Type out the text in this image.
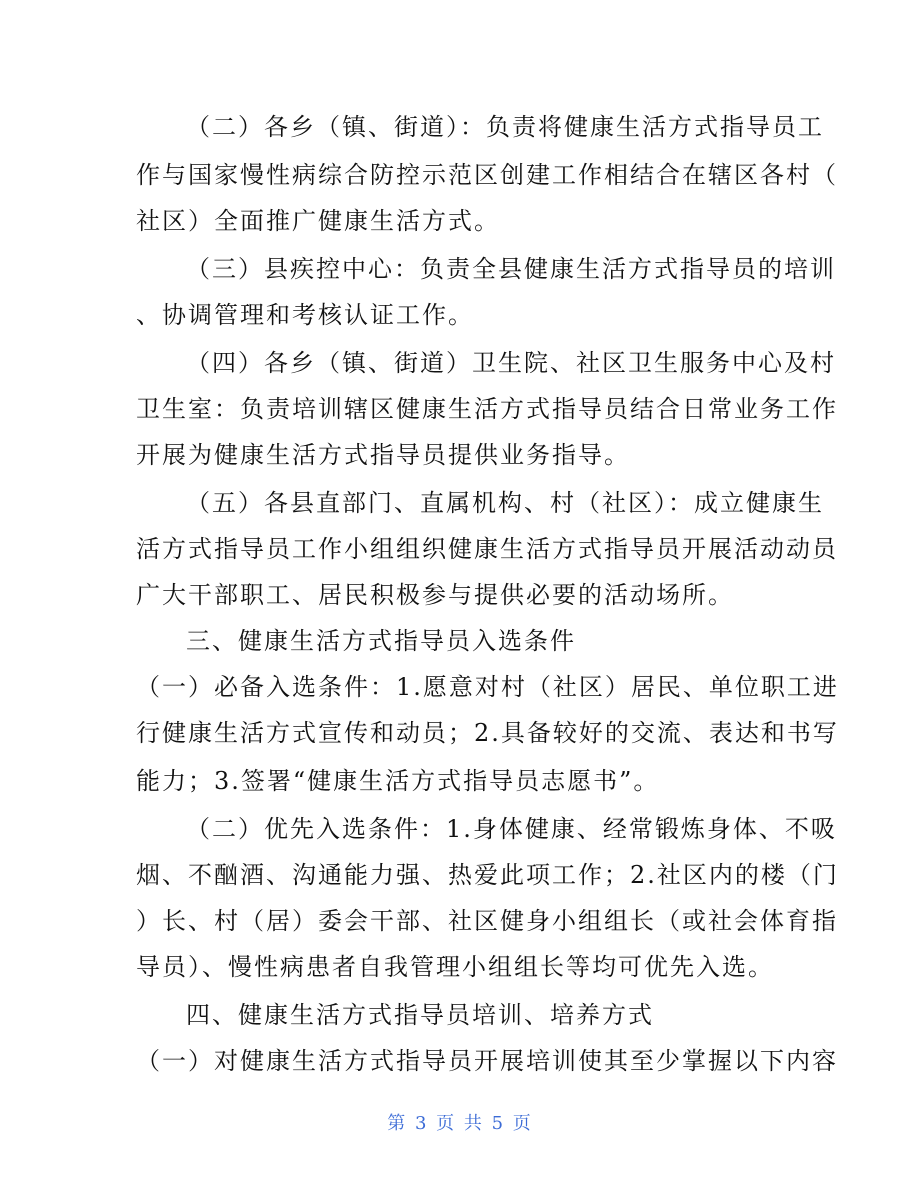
（二）各乡（镇、街道）：负责将健康生活方式指导员工
作与国家慢性病综合防控示范区创建工作相结合在辖区各村（
社区）全面推广健康生活方式。
（三）县疾控中心：负责全县健康生活方式指导员的培训
、协调管理和考核认证工作。
（四）各乡（镇、街道）卫生院、社区卫生服务中心及村
卫生室：负责培训辖区健康生活方式指导员结合日常业务工作
开展为健康生活方式指导员提供业务指导。
（五）各县直部门、直属机构、村（社区）：成立健康生
活方式指导员工作小组组织健康生活方式指导员开展活动动员
广大干部职工、居民积极参与提供必要的活动场所。
三、健康生活方式指导员入选条件
（一）必备入选条件：1.愿意对村（社区）居民、单位职工进
行健康生活方式宣传和动员；2.具备较好的交流、表达和书写
能力；3.签署“健康生活方式指导员志愿书”。
（二）优先入选条件：1.身体健康、经常锻炼身体、不吸
烟、不酗酒、沟通能力强、热爱此项工作；2.社区内的楼（门
）长、村（居）委会干部、社区健身小组组长（或社会体育指
导员）、慢性病患者自我管理小组组长等均可优先入选。
四、健康生活方式指导员培训、培养方式
（一）对健康生活方式指导员开展培训使其至少掌握以下内容
第 3 页 共 5 页
